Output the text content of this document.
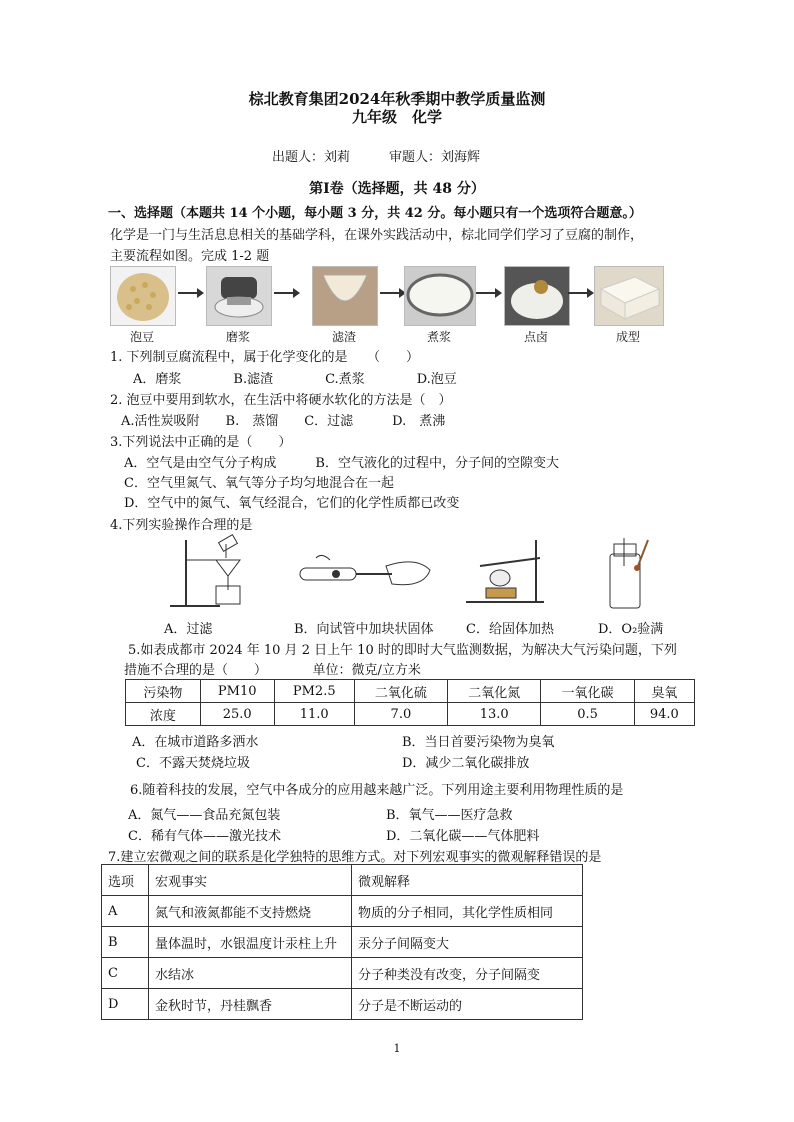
棕北教育集团2024年秋季期中教学质量监测
九年级　化学
出题人：刘莉　　　审题人：刘海辉
第Ⅰ卷（选择题，共 48 分）
一、选择题（本题共 14 个小题，每小题 3 分，共 42 分。每小题只有一个选项符合题意。）
化学是一门与生活息息相关的基础学科，在课外实践活动中，棕北同学们学习了豆腐的制作，
主要流程如图。完成 1-2 题
泡豆	磨浆	滤渣	煮浆	点卤	成型
1. 下列制豆腐流程中，属于化学变化的是　　（　　）
A．磨浆　　　　B.滤渣　　　　C.煮浆　　　　D.泡豆
2. 泡豆中要用到软水，在生活中将硬水软化的方法是（　）
A.活性炭吸附　　B.　蒸馏　　C．过滤　　　D.　煮沸
3.下列说法中正确的是（　　）
A．空气是由空气分子构成　　　B．空气液化的过程中，分子间的空隙变大
C．空气里氮气、氧气等分子均匀地混合在一起
D．空气中的氮气、氧气经混合，它们的化学性质都已改变
4.下列实验操作合理的是
A．过滤	B．向试管中加块状固体 C．给固体加热	D．O₂验满
5.如表成都市 2024 年 10 月 2 日上午 10 时的即时大气监测数据，为解决大气污染问题，下列
措施不合理的是（　　）　　　　单位：微克/立方米
污染物	PM10	PM2.5	二氧化硫	二氧化氮	一氧化碳	臭氧
浓度	25.0	11.0	7.0	13.0	0.5	94.0
A．在城市道路多洒水	B．当日首要污染物为臭氧
C．不露天焚烧垃圾	D．减少二氧化碳排放
6.随着科技的发展，空气中各成分的应用越来越广泛。下列用途主要利用物理性质的是
A．氮气——食品充氮包装	B．氧气——医疗急救
C．稀有气体——激光技术	D．二氧化碳——气体肥料
7.建立宏微观之间的联系是化学独特的思维方式。对下列宏观事实的微观解释错误的是
选项	宏观事实	微观解释
A	氮气和液氮都能不支持燃烧	物质的分子相同，其化学性质相同
B	量体温时，水银温度计汞柱上升	汞分子间隔变大
C	水结冰	分子种类没有改变，分子间隔变
D	金秋时节，丹桂飘香	分子是不断运动的
1
